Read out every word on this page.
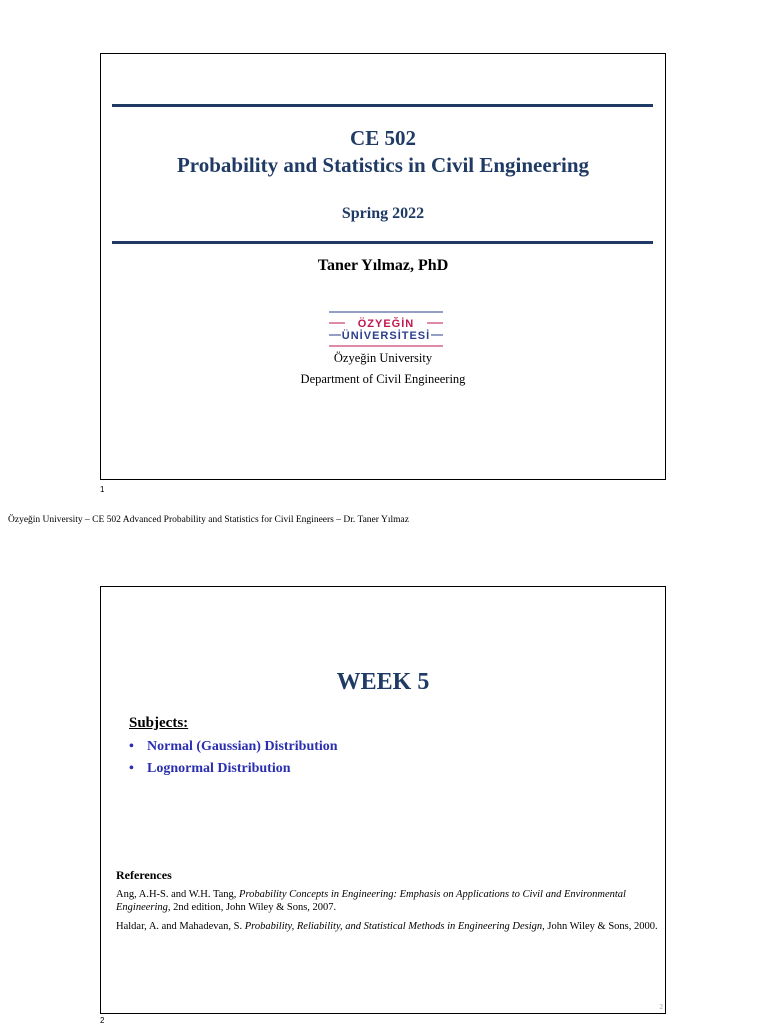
CE 502
Probability and Statistics in Civil Engineering
Spring 2022
Taner Yılmaz, PhD
ÖZYEĞİN
ÜNİVERSİTESİ
Özyeğin University
Department of Civil Engineering
1
Özyeğin University – CE 502 Advanced Probability and Statistics for Civil Engineers – Dr. Taner Yılmaz
WEEK 5
Subjects:
• Normal (Gaussian) Distribution
• Lognormal Distribution
References
Ang, A.H-S. and W.H. Tang, Probability Concepts in Engineering: Emphasis on Applications to Civil and Environmental Engineering, 2nd edition, John Wiley & Sons, 2007.
Haldar, A. and Mahadevan, S. Probability, Reliability, and Statistical Methods in Engineering Design, John Wiley & Sons, 2000.
2
2
